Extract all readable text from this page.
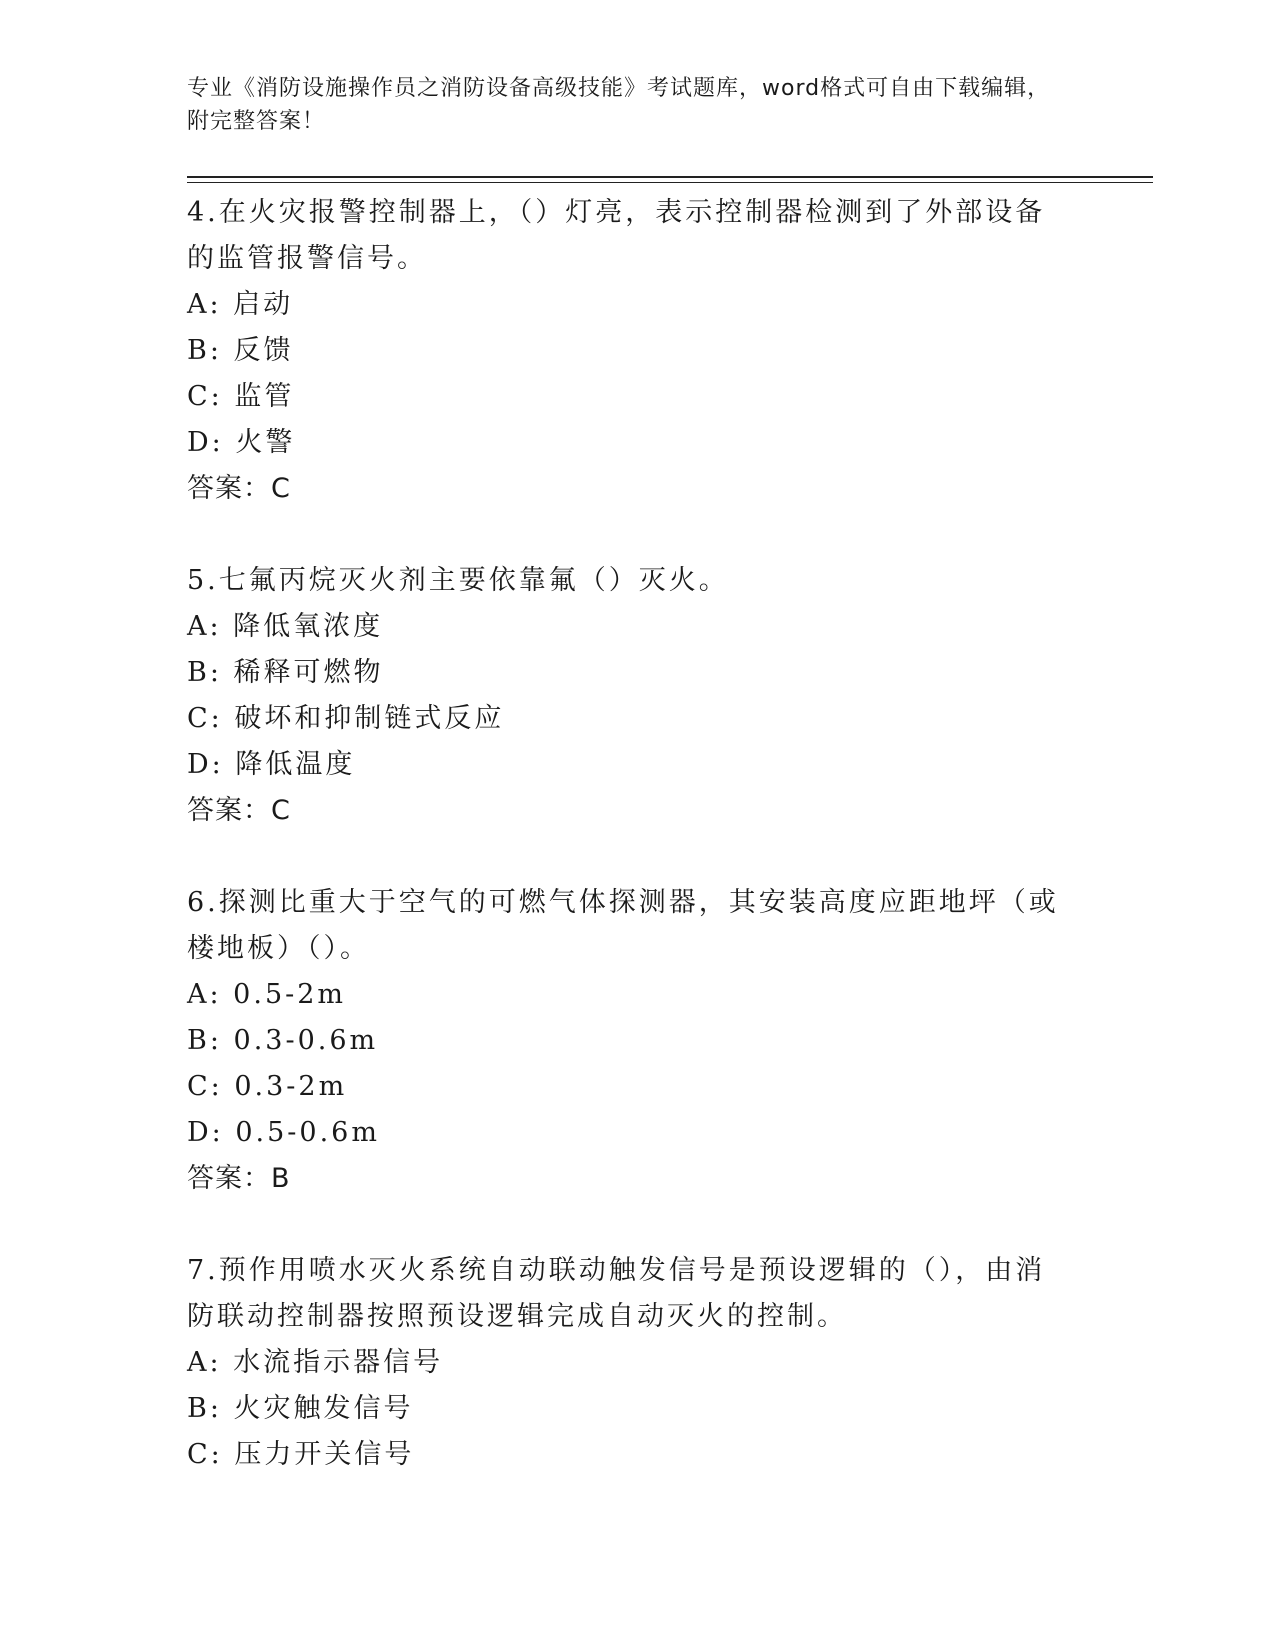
专业《消防设施操作员之消防设备高级技能》考试题库，word格式可自由下载编辑，附完整答案！
4.在火灾报警控制器上，（）灯亮，表示控制器检测到了外部设备的监管报警信号。
A: 启动
B: 反馈
C: 监管
D: 火警
答案：C
5.七氟丙烷灭火剂主要依靠氟（）灭火。
A: 降低氧浓度
B: 稀释可燃物
C: 破坏和抑制链式反应
D: 降低温度
答案：C
6.探测比重大于空气的可燃气体探测器，其安装高度应距地坪（或楼地板）（）。
A: 0.5-2m
B: 0.3-0.6m
C: 0.3-2m
D: 0.5-0.6m
答案：B
7.预作用喷水灭火系统自动联动触发信号是预设逻辑的（），由消防联动控制器按照预设逻辑完成自动灭火的控制。
A: 水流指示器信号
B: 火灾触发信号
C: 压力开关信号
